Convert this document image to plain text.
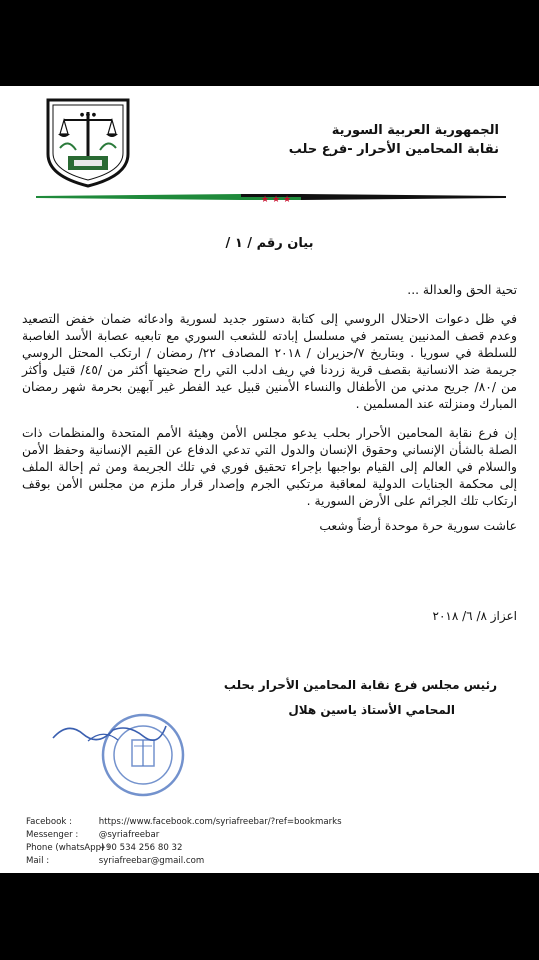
● ● ●
الجمهورية العربية السورية
نقابة المحامين الأحرار -فرع حلب
★ ★ ★
بيان رقم / ١ /

تحية الحق والعدالة ...

في ظل دعوات الاحتلال الروسي إلى كتابة دستور جديد لسورية وادعائه ضمان خفض التصعيد وعدم قصف المدنيين يستمر في مسلسل إبادته للشعب السوري مع تابعيه عصابة الأسد الغاصبة للسلطة في سوريا . وبتاريخ ٧/حزيران / ٢٠١٨ المصادف ٢٢/ رمضان / ارتكب المحتل الروسي جريمة ضد الانسانية بقصف قرية زردنا في ريف ادلب التي راح ضحيتها أكثر من /٤٥/ قتيل وأكثر من /٨٠/ جريح مدني من الأطفال والنساء الأمنين قبيل عيد الفطر غير آبهين بحرمة شهر رمضان المبارك ومنزلته عند المسلمين .

إن فرع نقابة المحامين الأحرار بحلب يدعو مجلس الأمن وهيئة الأمم المتحدة والمنظمات ذات الصلة بالشأن الإنساني وحقوق الإنسان والدول التي تدعي الدفاع عن القيم الإنسانية وحفظ الأمن والسلام في العالم إلى القيام بواجبها بإجراء تحقيق فوري في تلك الجريمة ومن ثم إحالة الملف إلى محكمة الجنايات الدولية لمعاقبة مرتكبي الجرم وإصدار قرار ملزم من مجلس الأمن بوقف ارتكاب تلك الجرائم على الأرض السورية .

عاشت سورية حرة موحدة أرضاً وشعب

اعزاز ٨/ ٦/ ٢٠١٨
رئيس مجلس فرع نقابة المحامين الأحرار بحلب
المحامي الأستاذ ياسين هلال
Facebook :	https://www.facebook.com/syriafreebar/?ref=bookmarks
Messenger : @syriafreebar
Phone (whatsApp) : +90 534 256 80 32
Mail :	syriafreebar@gmail.com
